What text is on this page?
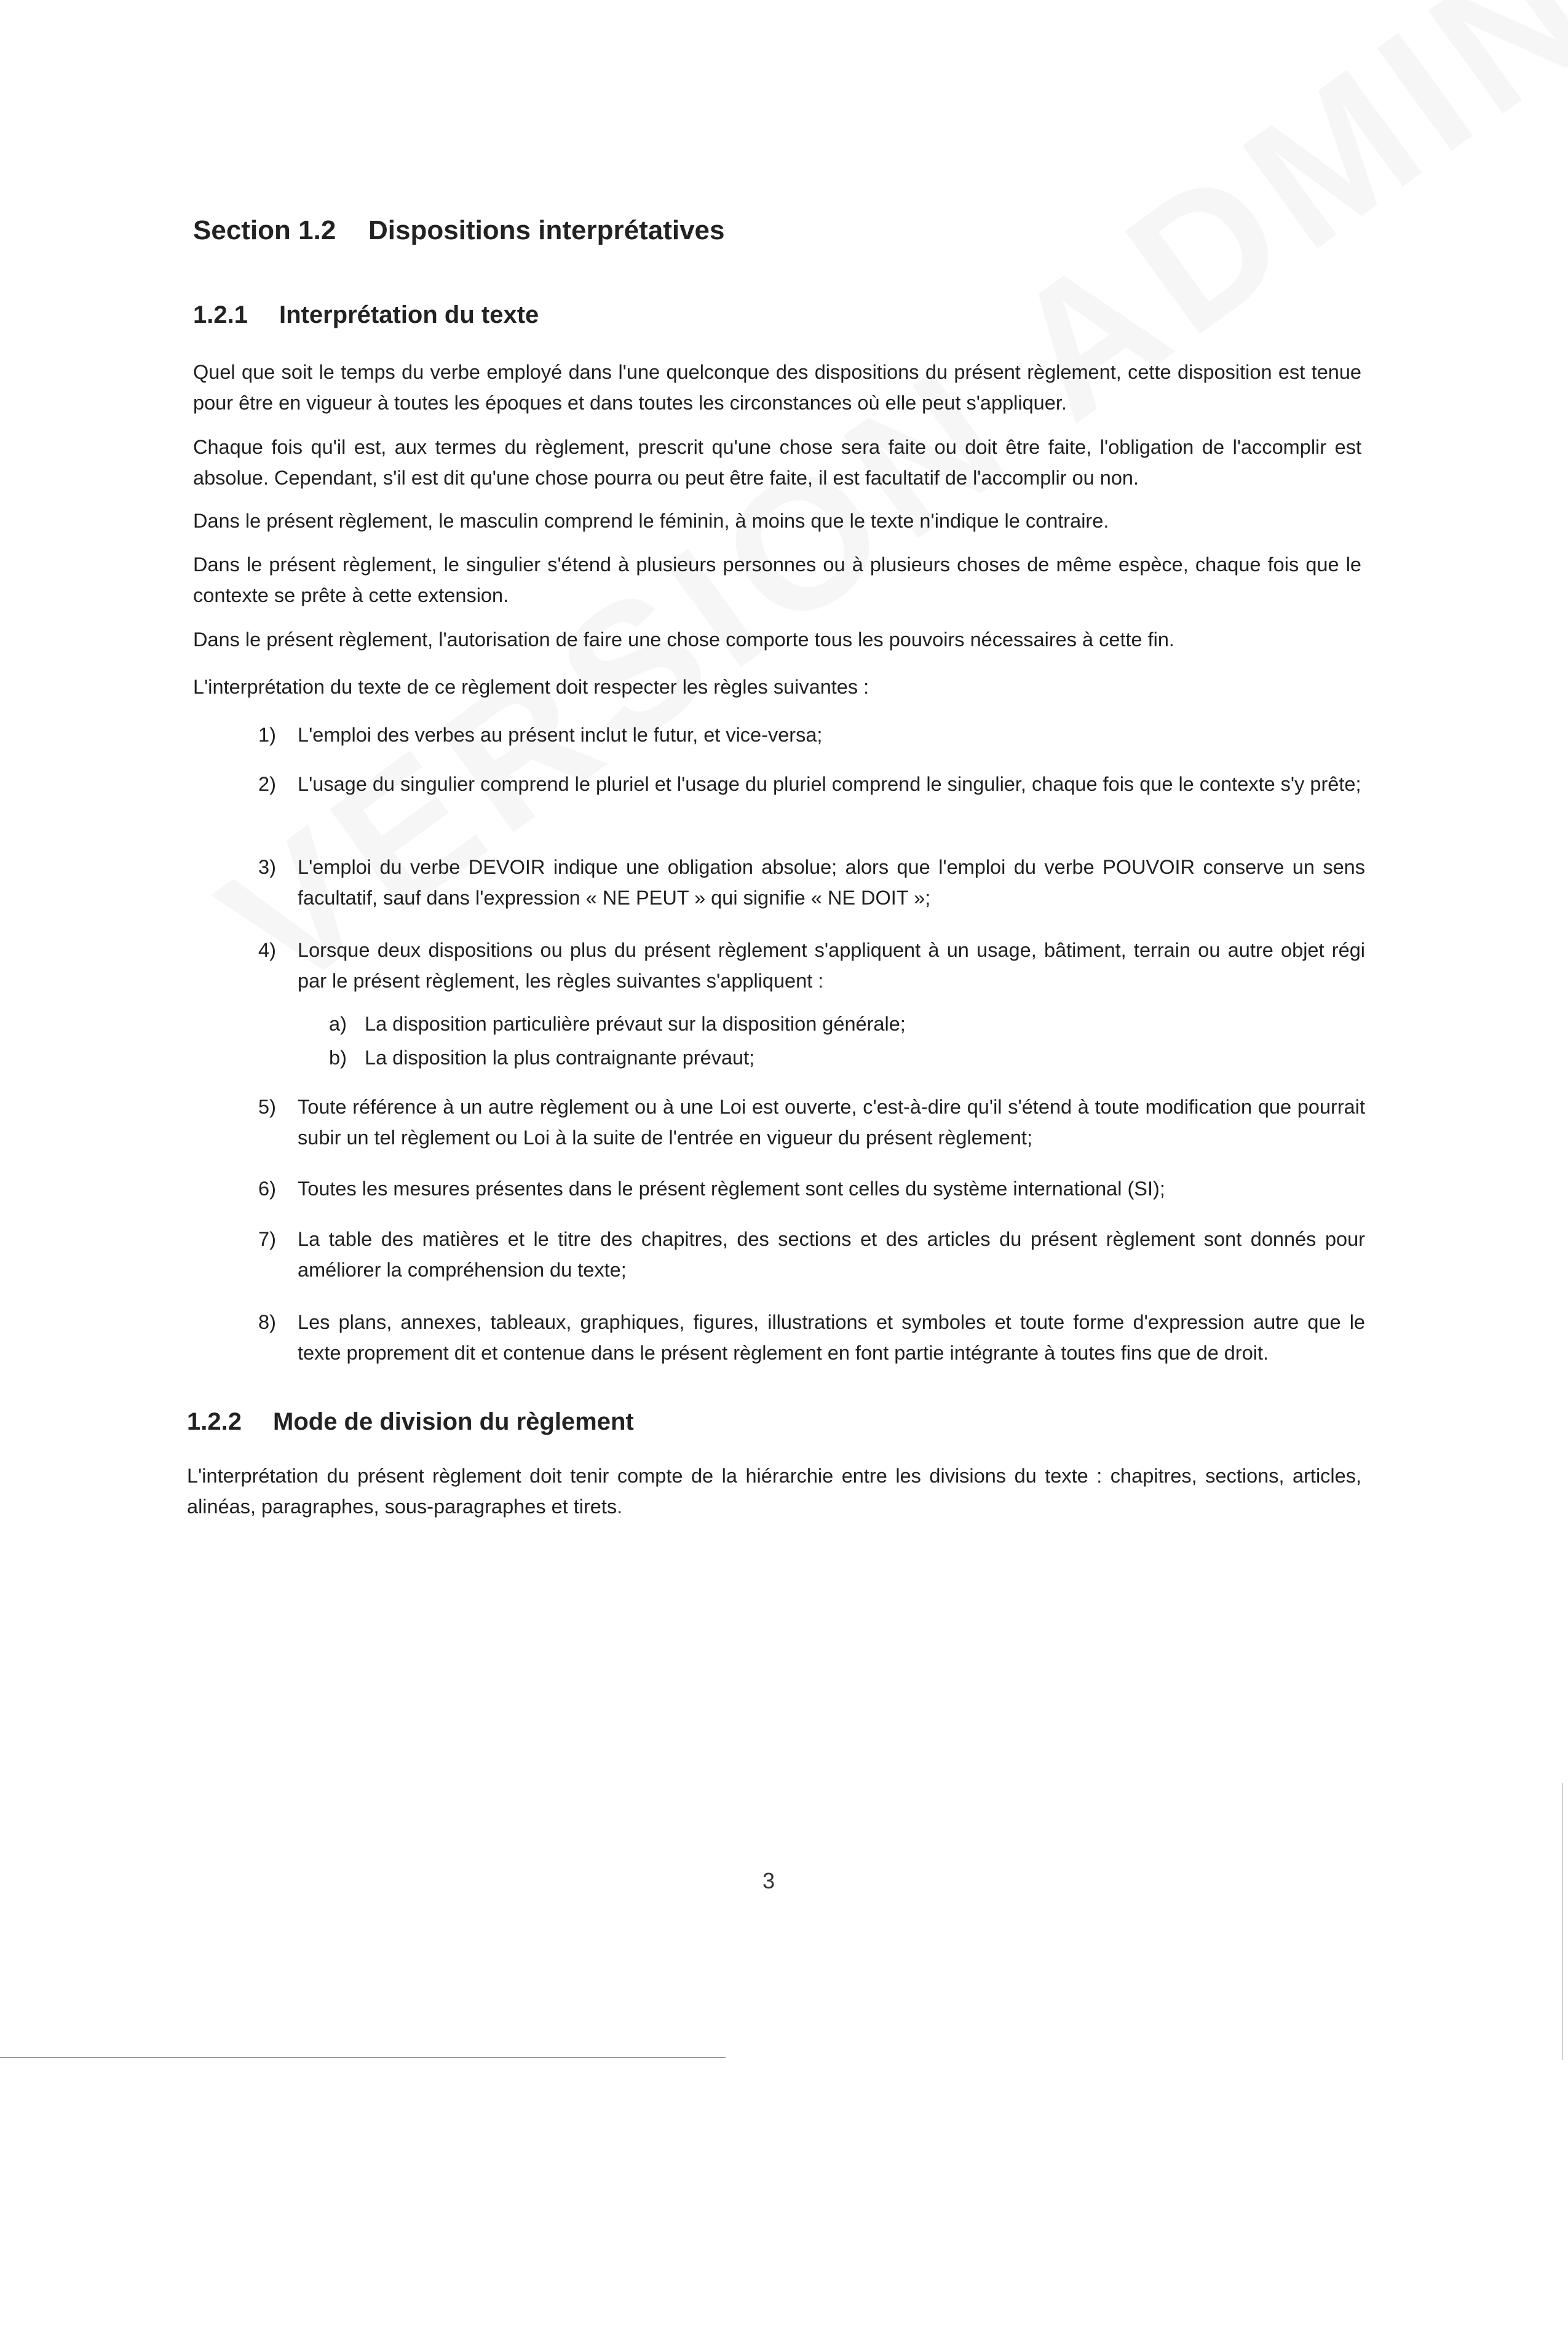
Section 1.2 Dispositions interprétatives
1.2.1 Interprétation du texte
Quel que soit le temps du verbe employé dans l'une quelconque des dispositions du présent règlement, cette disposition est tenue pour être en vigueur à toutes les époques et dans toutes les circonstances où elle peut s'appliquer.
Chaque fois qu'il est, aux termes du règlement, prescrit qu'une chose sera faite ou doit être faite, l'obligation de l'accomplir est absolue. Cependant, s'il est dit qu'une chose pourra ou peut être faite, il est facultatif de l'accomplir ou non.
Dans le présent règlement, le masculin comprend le féminin, à moins que le texte n'indique le contraire.
Dans le présent règlement, le singulier s'étend à plusieurs personnes ou à plusieurs choses de même espèce, chaque fois que le contexte se prête à cette extension.
Dans le présent règlement, l'autorisation de faire une chose comporte tous les pouvoirs nécessaires à cette fin.
L'interprétation du texte de ce règlement doit respecter les règles suivantes :
1) L'emploi des verbes au présent inclut le futur, et vice-versa;
2) L'usage du singulier comprend le pluriel et l'usage du pluriel comprend le singulier, chaque fois que le contexte s'y prête;
3) L'emploi du verbe DEVOIR indique une obligation absolue; alors que l'emploi du verbe POUVOIR conserve un sens facultatif, sauf dans l'expression « NE PEUT » qui signifie « NE DOIT »;
4) Lorsque deux dispositions ou plus du présent règlement s'appliquent à un usage, bâtiment, terrain ou autre objet régi par le présent règlement, les règles suivantes s'appliquent :
a) La disposition particulière prévaut sur la disposition générale;
b) La disposition la plus contraignante prévaut;
5) Toute référence à un autre règlement ou à une Loi est ouverte, c'est-à-dire qu'il s'étend à toute modification que pourrait subir un tel règlement ou Loi à la suite de l'entrée en vigueur du présent règlement;
6) Toutes les mesures présentes dans le présent règlement sont celles du système international (SI);
7) La table des matières et le titre des chapitres, des sections et des articles du présent règlement sont donnés pour améliorer la compréhension du texte;
8) Les plans, annexes, tableaux, graphiques, figures, illustrations et symboles et toute forme d'expression autre que le texte proprement dit et contenue dans le présent règlement en font partie intégrante à toutes fins que de droit.
1.2.2 Mode de division du règlement
L'interprétation du présent règlement doit tenir compte de la hiérarchie entre les divisions du texte : chapitres, sections, articles, alinéas, paragraphes, sous-paragraphes et tirets.
3
